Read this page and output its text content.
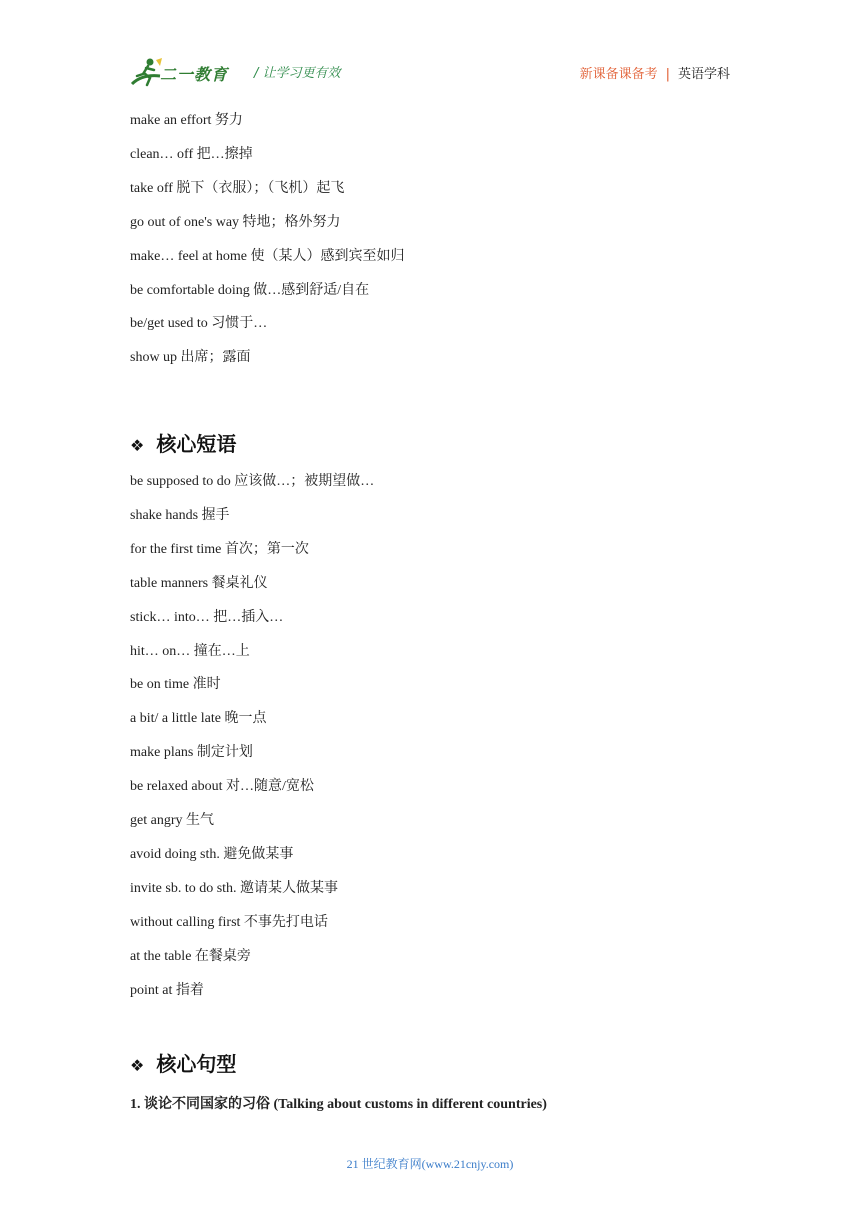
二一教育 / 让学习更有效	新课备课备考 | 英语学科
make an effort 努力
clean… off 把…擦掉
take off 脱下（衣服）；（飞机）起飞
go out of one's way 特地；格外努力
make… feel at home 使（某人）感到宾至如归
be comfortable doing 做…感到舒适/自在
be/get used to 习惯于…
show up 出席；露面
❖ 核心短语
be supposed to do 应该做…；被期望做…
shake hands 握手
for the first time 首次；第一次
table manners 餐桌礼仪
stick… into… 把…插入…
hit… on… 撞在…上
be on time 准时
a bit/ a little late 晚一点
make plans 制定计划
be relaxed about 对…随意/宽松
get angry 生气
avoid doing sth. 避免做某事
invite sb. to do sth. 邀请某人做某事
without calling first 不事先打电话
at the table 在餐桌旁
point at 指着
❖ 核心句型
1. 谈论不同国家的习俗 (Talking about customs in different countries)
21 世纪教育网(www.21cnjy.com)
